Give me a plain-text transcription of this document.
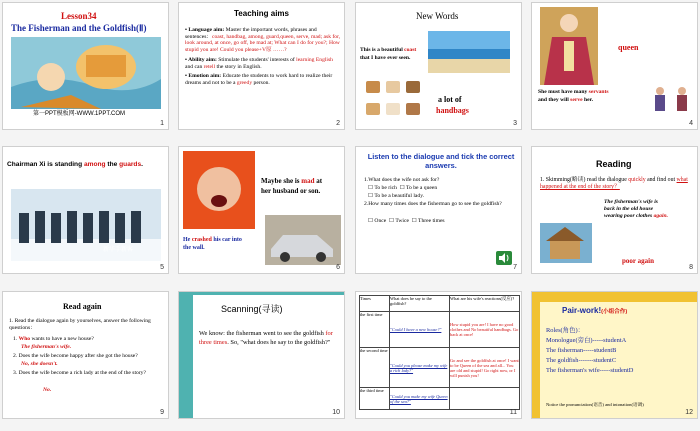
Lesson34
The Fisherman and the Goldfish(Ⅱ)
第一PPT模板网-WWW.1PPT.COM
1
Teaching aims
• Language aim: Master the important words, phrases and sentences：coast, handbag, among, guard,queen, serve, mad; ask for, look around, at once, go off, be mad at; What can I do for you?; How stupid you are! Could you please+V原 ……?
• Ability aim: Stimulate the students' interests of learning English and can retell the story in English.
• Emotion aim: Educate the students to work hard to realize their dreams and not to be a greedy person.
2
New Words
This is a beautiful coast
that I have ever seen.
a lot of
handbags
3
queen
She must have many servants
and they will serve her.
4
Chairman Xi is standing among the guards.
新华手新客
5
Maybe she is mad at
her husband or son.
He crashed his car into
the wall.
6
Listen to the dialogue and tick the correct answers.
1.What does the wife not ask for?
☐ To be rich  ☐ To be a queen
☐ To be a beautiful lady.
2.How many times does the fisherman go to see the goldfish?
☐ Once  ☐ Twice  ☐ Three times
7
Reading
1. Skimming(略读) read the dialogue quickly and find out what happened at the end of the story？
The fisherman's wife is
back in the old house
wearing poor clothes again.
poor again
8
Read again
1. Read the dialogue again by yourselves, answer the following questions：
1. Who wants to have a new house?
The fisherman's wife.
2. Does the wife become happy after she got the house?
No, she doesn't.
3. Does the wife become a rich lady at the end of the story?
No.
9
Scanning(寻读)
We know: the fisherman went to see the goldfish for three times. So, "what does he say to the goldfish?"
10
Times	What does he say to the goldfish?	What are his wife's reactions(反应)?
the first time	"Could I have a new house?"	How stupid you are! I have no good clothes and No beautiful handbags. Go back at once!
the second time	"Could you please make my wife a rich lady?"	Go and see the goldfish at once! I want to be Queen of the sea and all... You are old and stupid! Go right now, or I will punish you!
the third time	"Could you make my wife Queen of the sea?"	
11
Pair-work!(小组合作)
Roles(角色)：
Monologue(旁白)-----studentA
The fisherman-----studentB
The goldfish-------studentC
The fisherman's wife-----studentD
Notice the pronunciation(语音) and intonation(语调)
12
